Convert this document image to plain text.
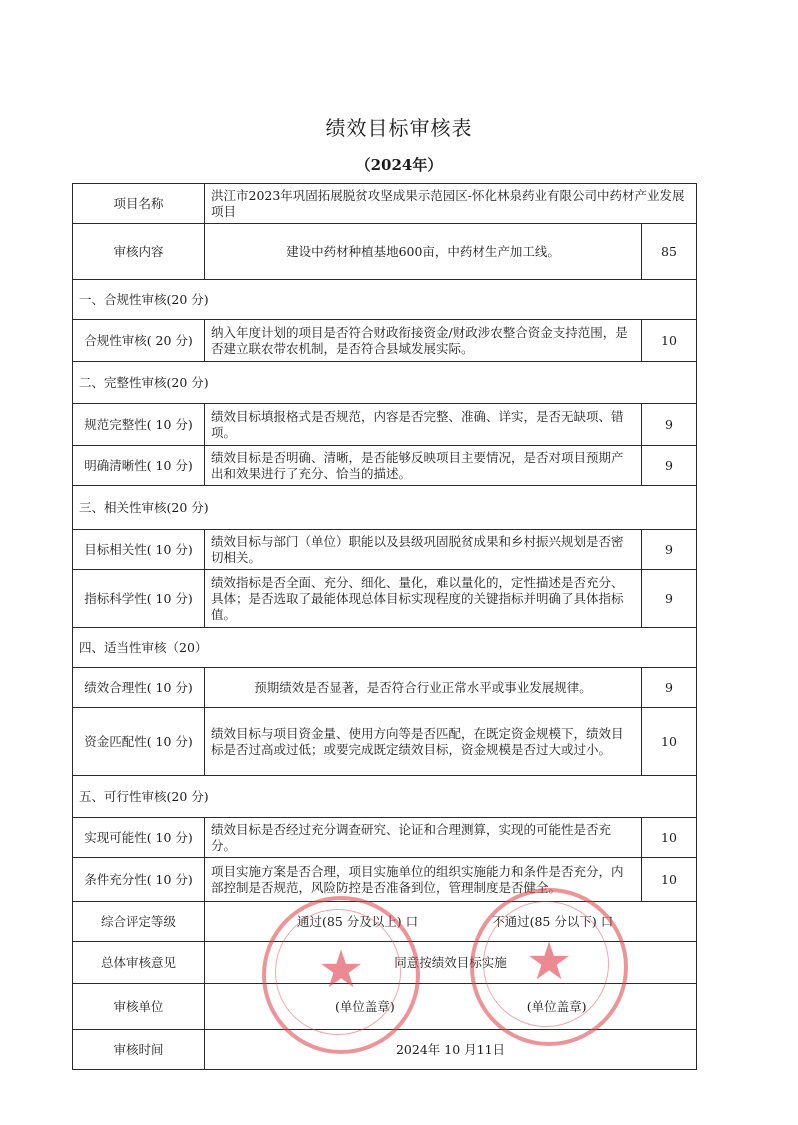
绩效目标审核表
（2024年）
项目名称	洪江市2023年巩固拓展脱贫攻坚成果示范园区-怀化林泉药业有限公司中药材产业发展项目	
审核内容	建设中药材种植基地600亩，中药材生产加工线。	85
一、合规性审核(20 分)		
合规性审核( 20 分)	纳入年度计划的项目是否符合财政衔接资金/财政涉农整合资金支持范围，是否建立联农带农机制，是否符合县域发展实际。	10
二、完整性审核(20 分)		
规范完整性( 10 分)	绩效目标填报格式是否规范，内容是否完整、准确、详实，是否无缺项、错 项。	9
明确清晰性( 10 分)	绩效目标是否明确、清晰，是否能够反映项目主要情况，是否对项目预期产 出和效果进行了充分、恰当的描述。	9
三、相关性审核(20 分)		
目标相关性( 10 分)	绩效目标与部门（单位）职能以及县级巩固脱贫成果和乡村振兴规划是否密切相关。	9
指标科学性( 10 分)	绩效指标是否全面、充分、细化、量化，难以量化的，定性描述是否充分、 具体；是否选取了最能体现总体目标实现程度的关键指标并明确了具体指标 值。	9
四、适当性审核（20）		
绩效合理性( 10 分)	预期绩效是否显著，是否符合行业正常水平或事业发展规律。	9
资金匹配性( 10 分)	绩效目标与项目资金量、使用方向等是否匹配，在既定资金规模下，绩效目 标是否过高或过低；或要完成既定绩效目标，资金规模是否过大或过小。	10
五、可行性审核(20 分)		
实现可能性( 10 分)	绩效目标是否经过充分调查研究、论证和合理测算，实现的可能性是否充分。	10
条件充分性( 10 分)	项目实施方案是否合理，项目实施单位的组织实施能力和条件是否充分，内 部控制是否规范，风险防控是否准备到位，管理制度是否健全。	10
综合评定等级	通过(85 分及以上) 口 不通过(85 分以下) 口	
总体审核意见	同意按绩效目标实施	
审核单位	(单位盖章) (单位盖章)	
审核时间	2024年 10 月11日	
★	★
